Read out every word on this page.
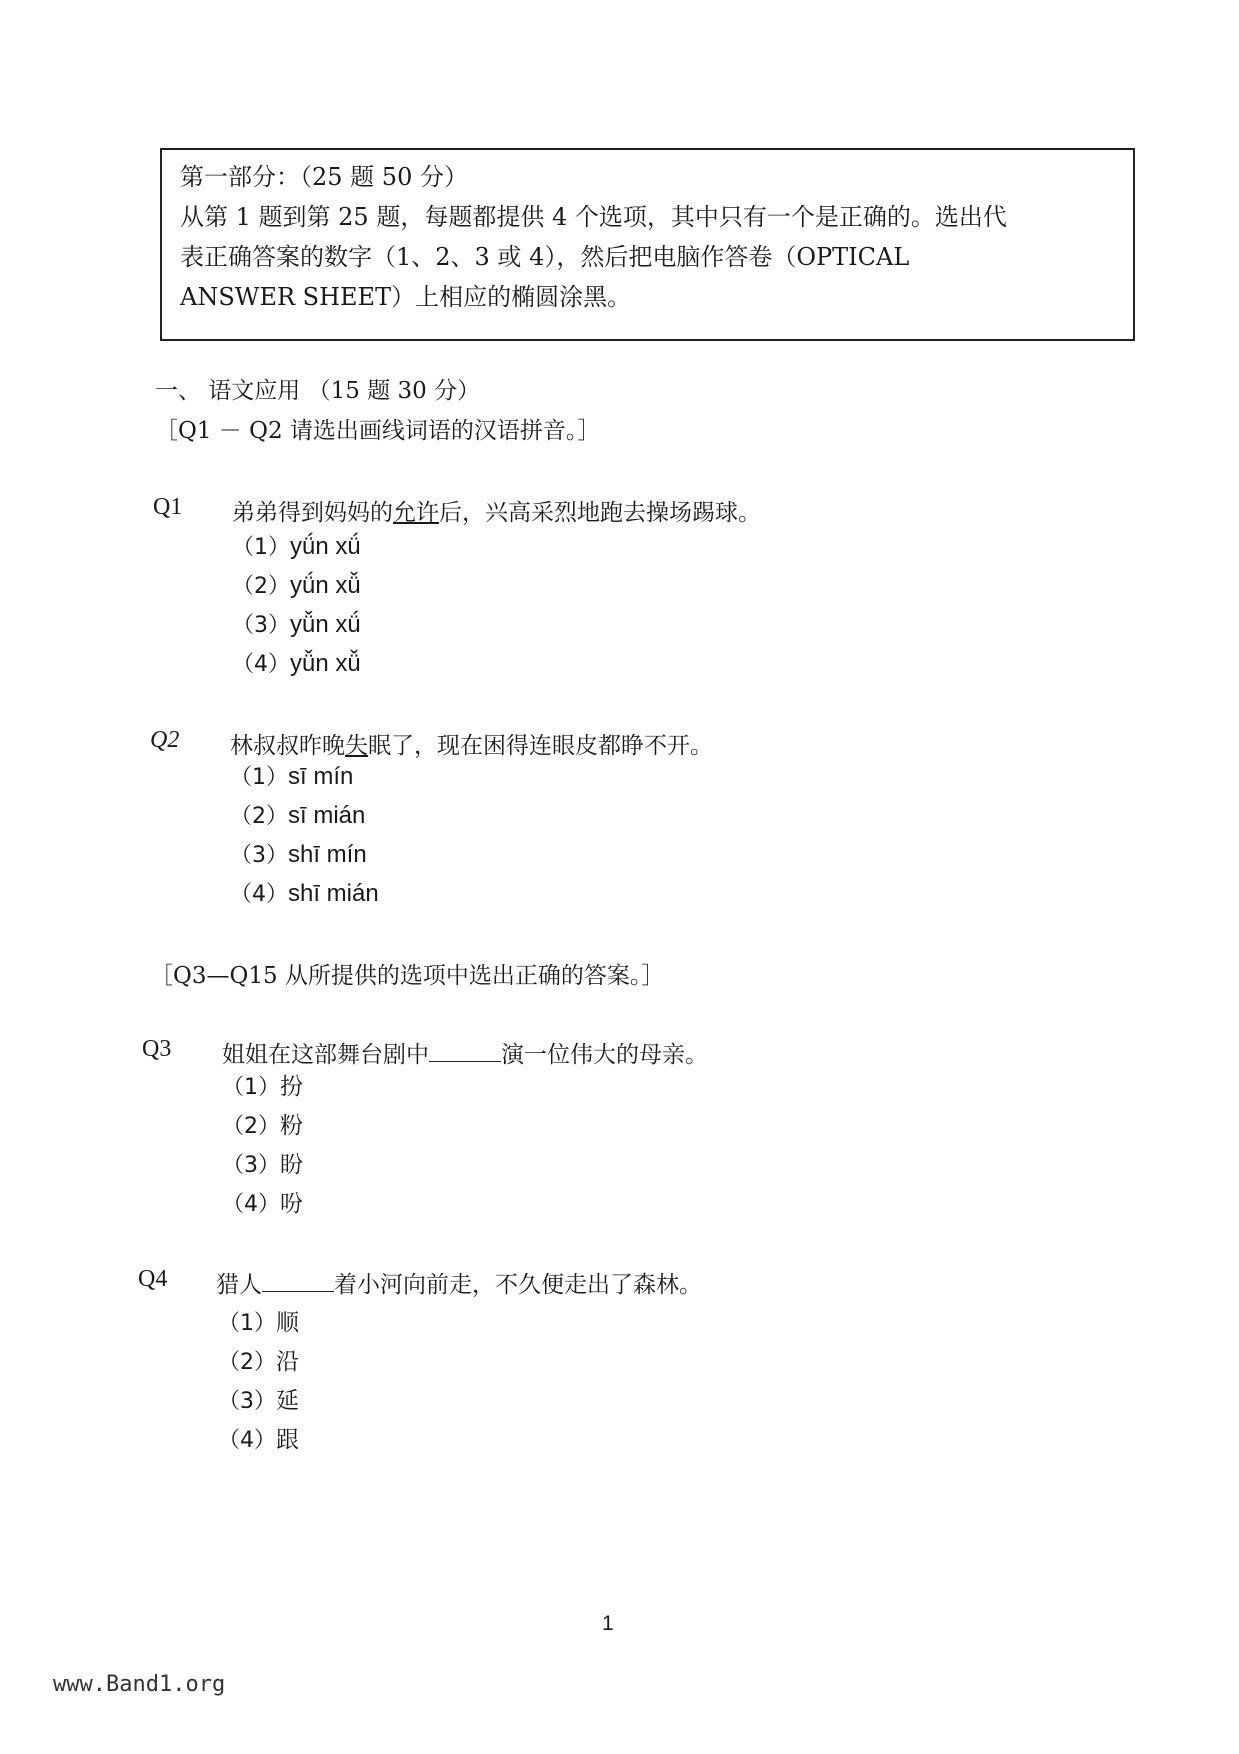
第一部分：（25 题 50 分）
从第 1 题到第 25 题，每题都提供 4 个选项，其中只有一个是正确的。选出代
表正确答案的数字（1、2、3 或 4），然后把电脑作答卷（OPTICAL
ANSWER SHEET）上相应的椭圆涂黑。
一、 语文应用 （15 题 30 分）
［Q1 － Q2 请选出画线词语的汉语拼音。］
Q1 弟弟得到妈妈的允许后，兴高采烈地跑去操场踢球。
（1）yǘn xǘ
（2）yǘn xǚ
（3）yǚn xǘ
（4）yǚn xǚ
Q2 林叔叔昨晚失眠了，现在困得连眼皮都睁不开。
（1）sī mín
（2）sī mián
（3）shī mín
（4）shī mián
［Q3—Q15 从所提供的选项中选出正确的答案。］
Q3 姐姐在这部舞台剧中	演一位伟大的母亲。
（1）扮
（2）粉
（3）盼
（4）吩
Q4 猎人	着小河向前走，不久便走出了森林。
（1）顺
（2）沿
（3）延
（4）跟
1
www.Band1.org
